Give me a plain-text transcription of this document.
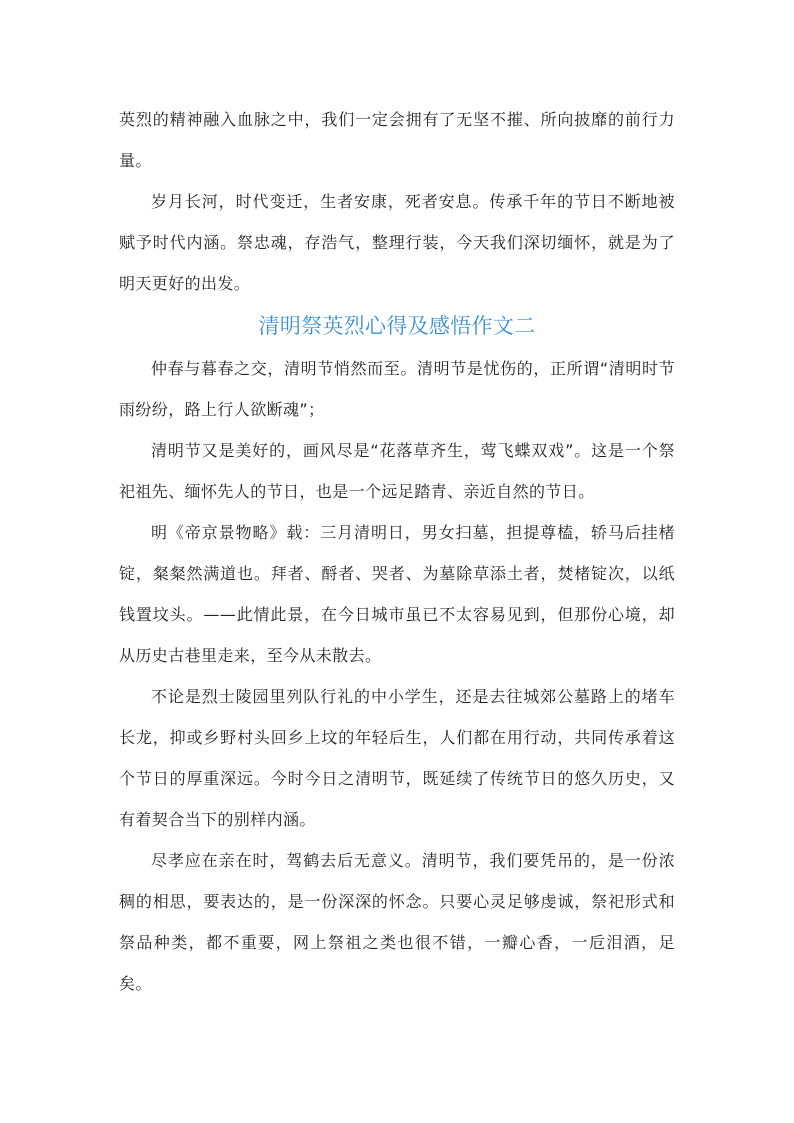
英烈的精神融入血脉之中，我们一定会拥有了无坚不摧、所向披靡的前行力量。

岁月长河，时代变迁，生者安康，死者安息。传承千年的节日不断地被赋予时代内涵。祭忠魂，存浩气，整理行装，今天我们深切缅怀，就是为了明天更好的出发。

清明祭英烈心得及感悟作文二

仲春与暮春之交，清明节悄然而至。清明节是忧伤的，正所谓“清明时节雨纷纷，路上行人欲断魂”；

清明节又是美好的，画风尽是“花落草齐生，莺飞蝶双戏”。这是一个祭祀祖先、缅怀先人的节日，也是一个远足踏青、亲近自然的节日。

明《帝京景物略》载：三月清明日，男女扫墓，担提尊榼，轿马后挂楮锭，粲粲然满道也。拜者、酹者、哭者、为墓除草添土者，焚楮锭次，以纸钱置坟头。——此情此景，在今日城市虽已不太容易见到，但那份心境，却从历史古巷里走来，至今从未散去。

不论是烈士陵园里列队行礼的中小学生，还是去往城郊公墓路上的堵车长龙，抑或乡野村头回乡上坟的年轻后生，人们都在用行动，共同传承着这个节日的厚重深远。今时今日之清明节，既延续了传统节日的悠久历史，又有着契合当下的别样内涵。

尽孝应在亲在时，驾鹤去后无意义。清明节，我们要凭吊的，是一份浓稠的相思，要表达的，是一份深深的怀念。只要心灵足够虔诚，祭祀形式和祭品种类，都不重要，网上祭祖之类也很不错，一瓣心香，一卮泪酒，足矣。
